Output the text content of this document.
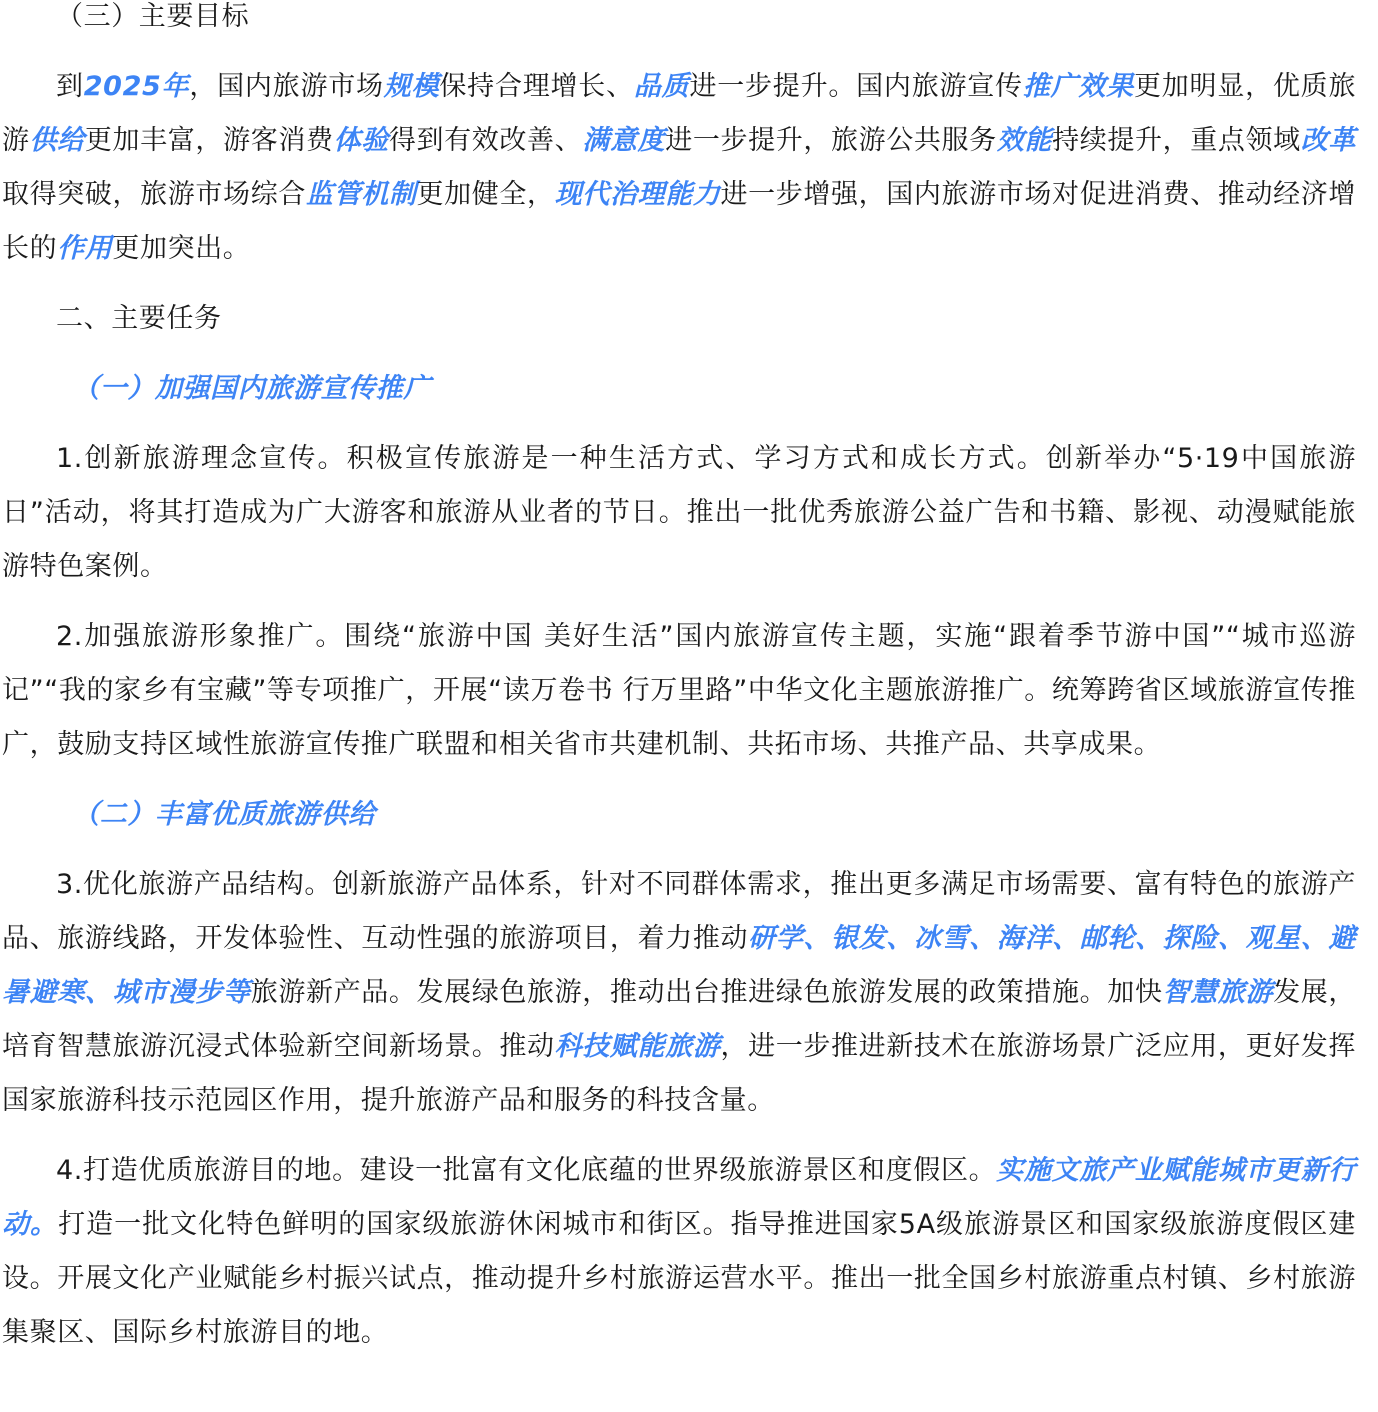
（三）主要目标

到2025年，国内旅游市场规模保持合理增长、品质进一步提升。国内旅游宣传推广效果更加明显，优质旅游供给更加丰富，游客消费体验得到有效改善、满意度进一步提升，旅游公共服务效能持续提升，重点领域改革取得突破，旅游市场综合监管机制更加健全，现代治理能力进一步增强，国内旅游市场对促进消费、推动经济增长的作用更加突出。

二、主要任务

（一）加强国内旅游宣传推广

1.创新旅游理念宣传。积极宣传旅游是一种生活方式、学习方式和成长方式。创新举办“5·19中国旅游日”活动，将其打造成为广大游客和旅游从业者的节日。推出一批优秀旅游公益广告和书籍、影视、动漫赋能旅游特色案例。

2.加强旅游形象推广。围绕“旅游中国 美好生活”国内旅游宣传主题，实施“跟着季节游中国”“城市巡游记”“我的家乡有宝藏”等专项推广，开展“读万卷书 行万里路”中华文化主题旅游推广。统筹跨省区域旅游宣传推广，鼓励支持区域性旅游宣传推广联盟和相关省市共建机制、共拓市场、共推产品、共享成果。

（二）丰富优质旅游供给

3.优化旅游产品结构。创新旅游产品体系，针对不同群体需求，推出更多满足市场需要、富有特色的旅游产品、旅游线路，开发体验性、互动性强的旅游项目，着力推动研学、银发、冰雪、海洋、邮轮、探险、观星、避暑避寒、城市漫步等旅游新产品。发展绿色旅游，推动出台推进绿色旅游发展的政策措施。加快智慧旅游发展，培育智慧旅游沉浸式体验新空间新场景。推动科技赋能旅游，进一步推进新技术在旅游场景广泛应用，更好发挥国家旅游科技示范园区作用，提升旅游产品和服务的科技含量。

4.打造优质旅游目的地。建设一批富有文化底蕴的世界级旅游景区和度假区。实施文旅产业赋能城市更新行动。打造一批文化特色鲜明的国家级旅游休闲城市和街区。指导推进国家5A级旅游景区和国家级旅游度假区建设。开展文化产业赋能乡村振兴试点，推动提升乡村旅游运营水平。推出一批全国乡村旅游重点村镇、乡村旅游集聚区、国际乡村旅游目的地。
